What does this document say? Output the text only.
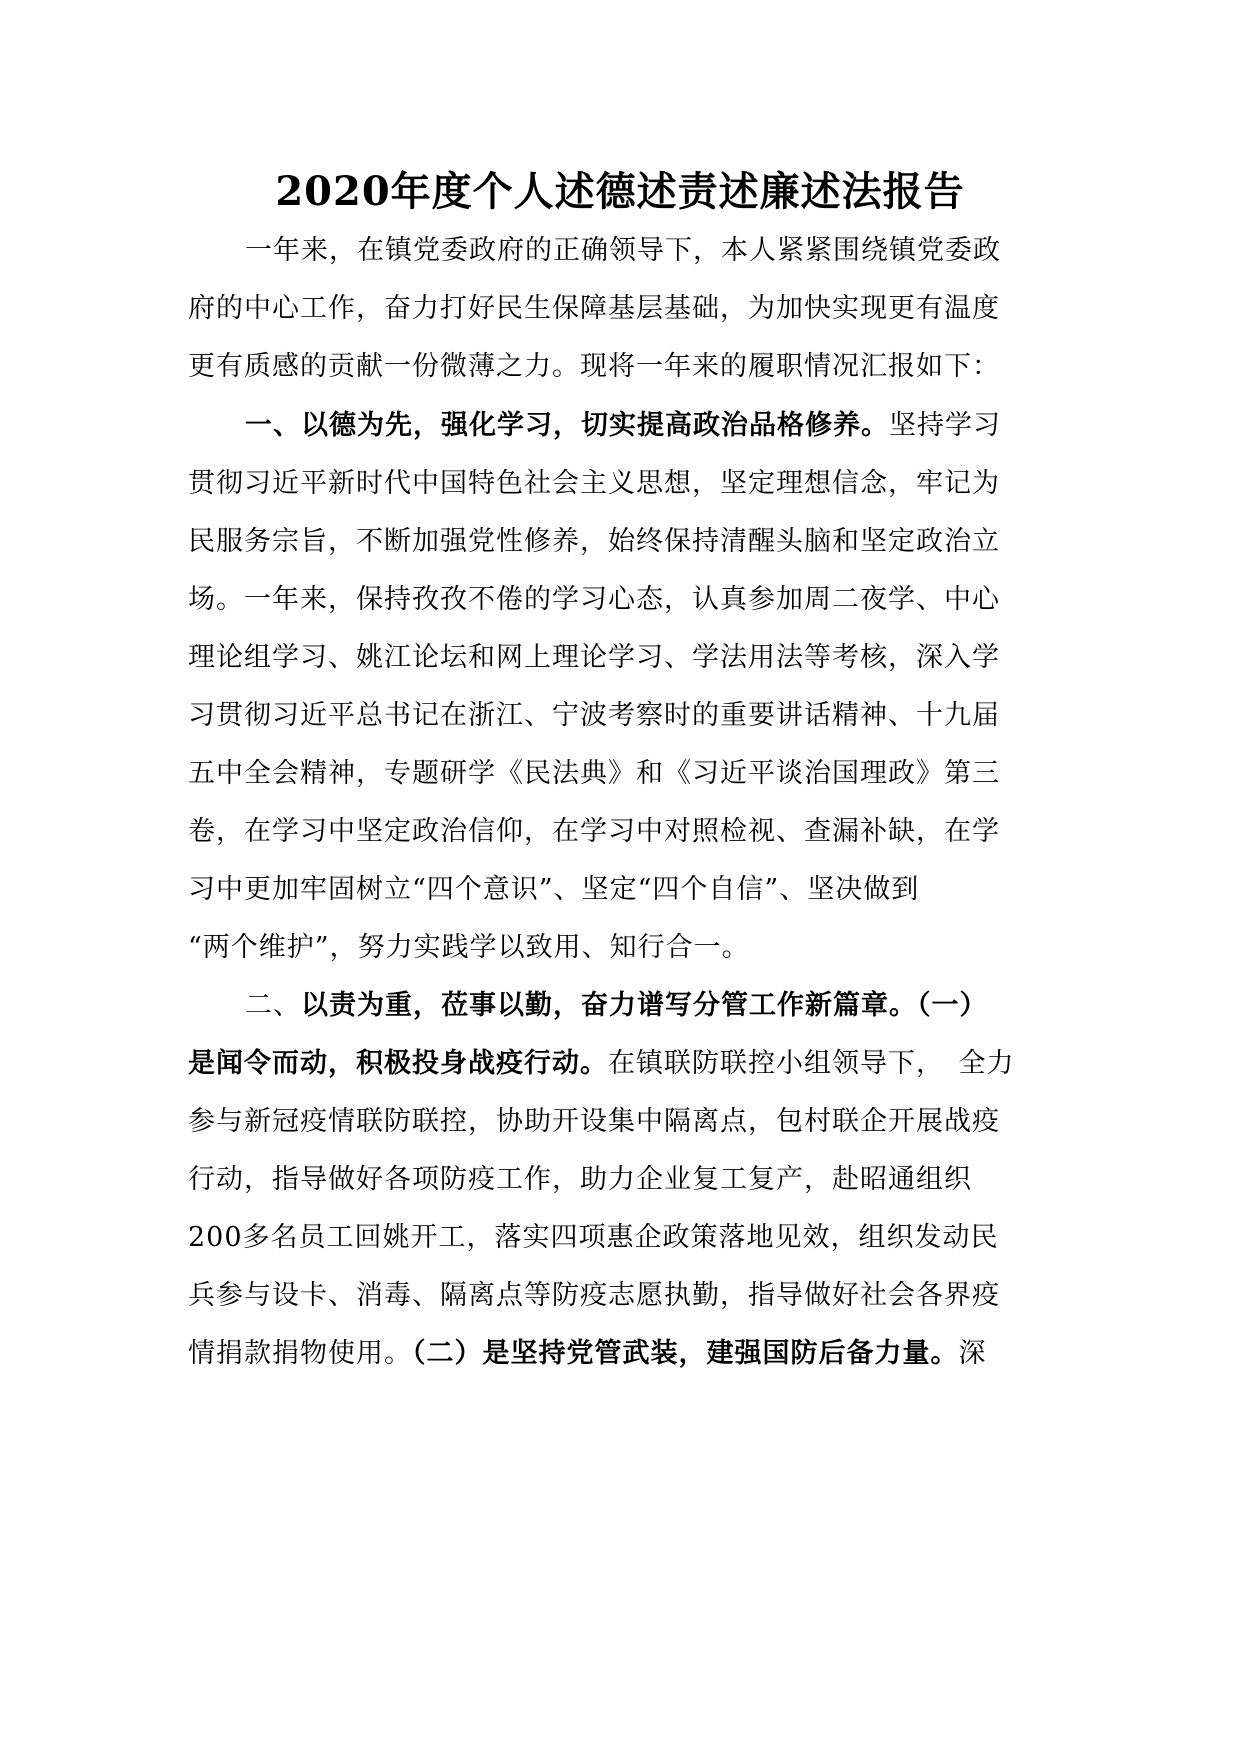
2020年度个人述德述责述廉述法报告
一年来，在镇党委政府的正确领导下，本人紧紧围绕镇党委政
府的中心工作，奋力打好民生保障基层基础，为加快实现更有温度
更有质感的贡献一份微薄之力。现将一年来的履职情况汇报如下：
一、以德为先，强化学习，切实提高政治品格修养。坚持学习
贯彻习近平新时代中国特色社会主义思想，坚定理想信念，牢记为
民服务宗旨，不断加强党性修养，始终保持清醒头脑和坚定政治立
场。一年来，保持孜孜不倦的学习心态，认真参加周二夜学、中心
理论组学习、姚江论坛和网上理论学习、学法用法等考核，深入学
习贯彻习近平总书记在浙江、宁波考察时的重要讲话精神、十九届
五中全会精神，专题研学《民法典》和《习近平谈治国理政》第三
卷，在学习中坚定政治信仰，在学习中对照检视、查漏补缺，在学
习中更加牢固树立“四个意识”、坚定“四个自信”、坚决做到
“两个维护”，努力实践学以致用、知行合一。
二、以责为重，莅事以勤，奋力谱写分管工作新篇章。（一）
是闻令而动，积极投身战疫行动。在镇联防联控小组领导下，　全力
参与新冠疫情联防联控，协助开设集中隔离点，包村联企开展战疫
行动，指导做好各项防疫工作，助力企业复工复产，赴昭通组织
200多名员工回姚开工，落实四项惠企政策落地见效，组织发动民
兵参与设卡、消毒、隔离点等防疫志愿执勤，指导做好社会各界疫
情捐款捐物使用。（二）是坚持党管武装，建强国防后备力量。深
